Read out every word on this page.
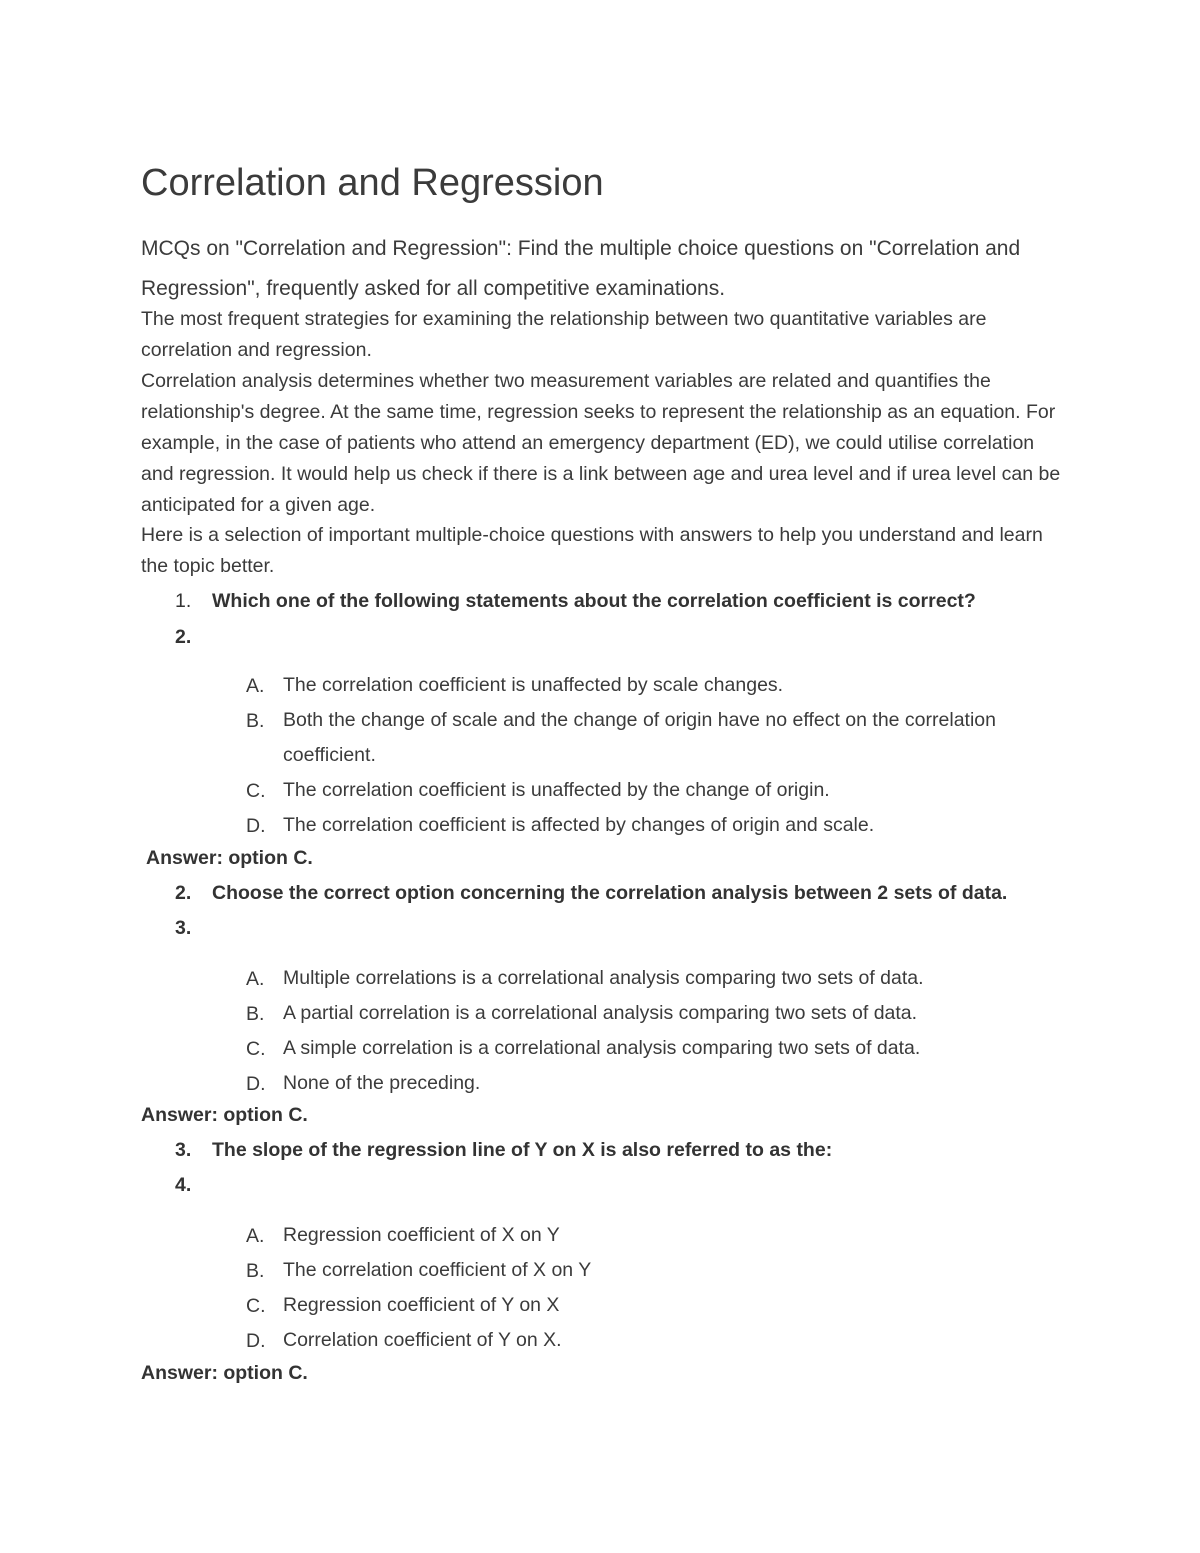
Correlation and Regression

MCQs on "Correlation and Regression": Find the multiple choice questions on "Correlation and Regression", frequently asked for all competitive examinations.

The most frequent strategies for examining the relationship between two quantitative variables are correlation and regression.

Correlation analysis determines whether two measurement variables are related and quantifies the relationship's degree. At the same time, regression seeks to represent the relationship as an equation. For example, in the case of patients who attend an emergency department (ED), we could utilise correlation and regression. It would help us check if there is a link between age and urea level and if urea level can be anticipated for a given age.

Here is a selection of important multiple-choice questions with answers to help you understand and learn the topic better.

1. Which one of the following statements about the correlation coefficient is correct?
2.
A. The correlation coefficient is unaffected by scale changes.
B. Both the change of scale and the change of origin have no effect on the correlation coefficient.
C. The correlation coefficient is unaffected by the change of origin.
D. The correlation coefficient is affected by changes of origin and scale.
Answer: option C.
2. Choose the correct option concerning the correlation analysis between 2 sets of data.
3.
A. Multiple correlations is a correlational analysis comparing two sets of data.
B. A partial correlation is a correlational analysis comparing two sets of data.
C. A simple correlation is a correlational analysis comparing two sets of data.
D. None of the preceding.
Answer: option C.
3. The slope of the regression line of Y on X is also referred to as the:
4.
A. Regression coefficient of X on Y
B. The correlation coefficient of X on Y
C. Regression coefficient of Y on X
D. Correlation coefficient of Y on X.
Answer: option C.
